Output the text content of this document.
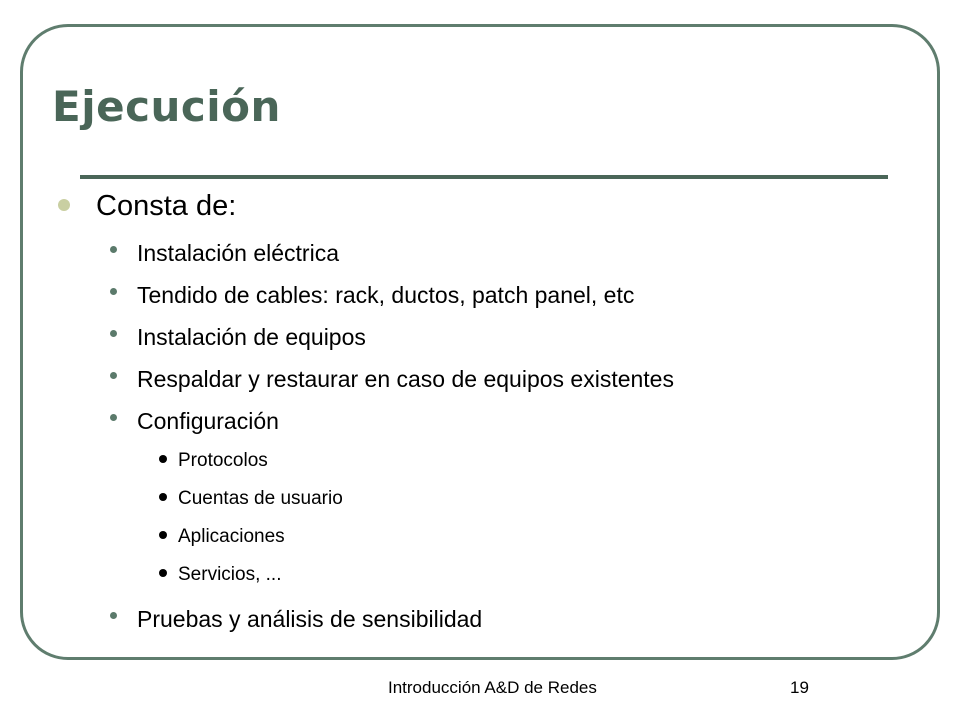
Ejecución
Consta de:
Instalación eléctrica
Tendido de cables: rack, ductos, patch panel, etc
Instalación de equipos
Respaldar y restaurar en caso de equipos existentes
Configuración
Protocolos
Cuentas de usuario
Aplicaciones
Servicios, ...
Pruebas y análisis de sensibilidad
Introducción A&D de Redes	19
